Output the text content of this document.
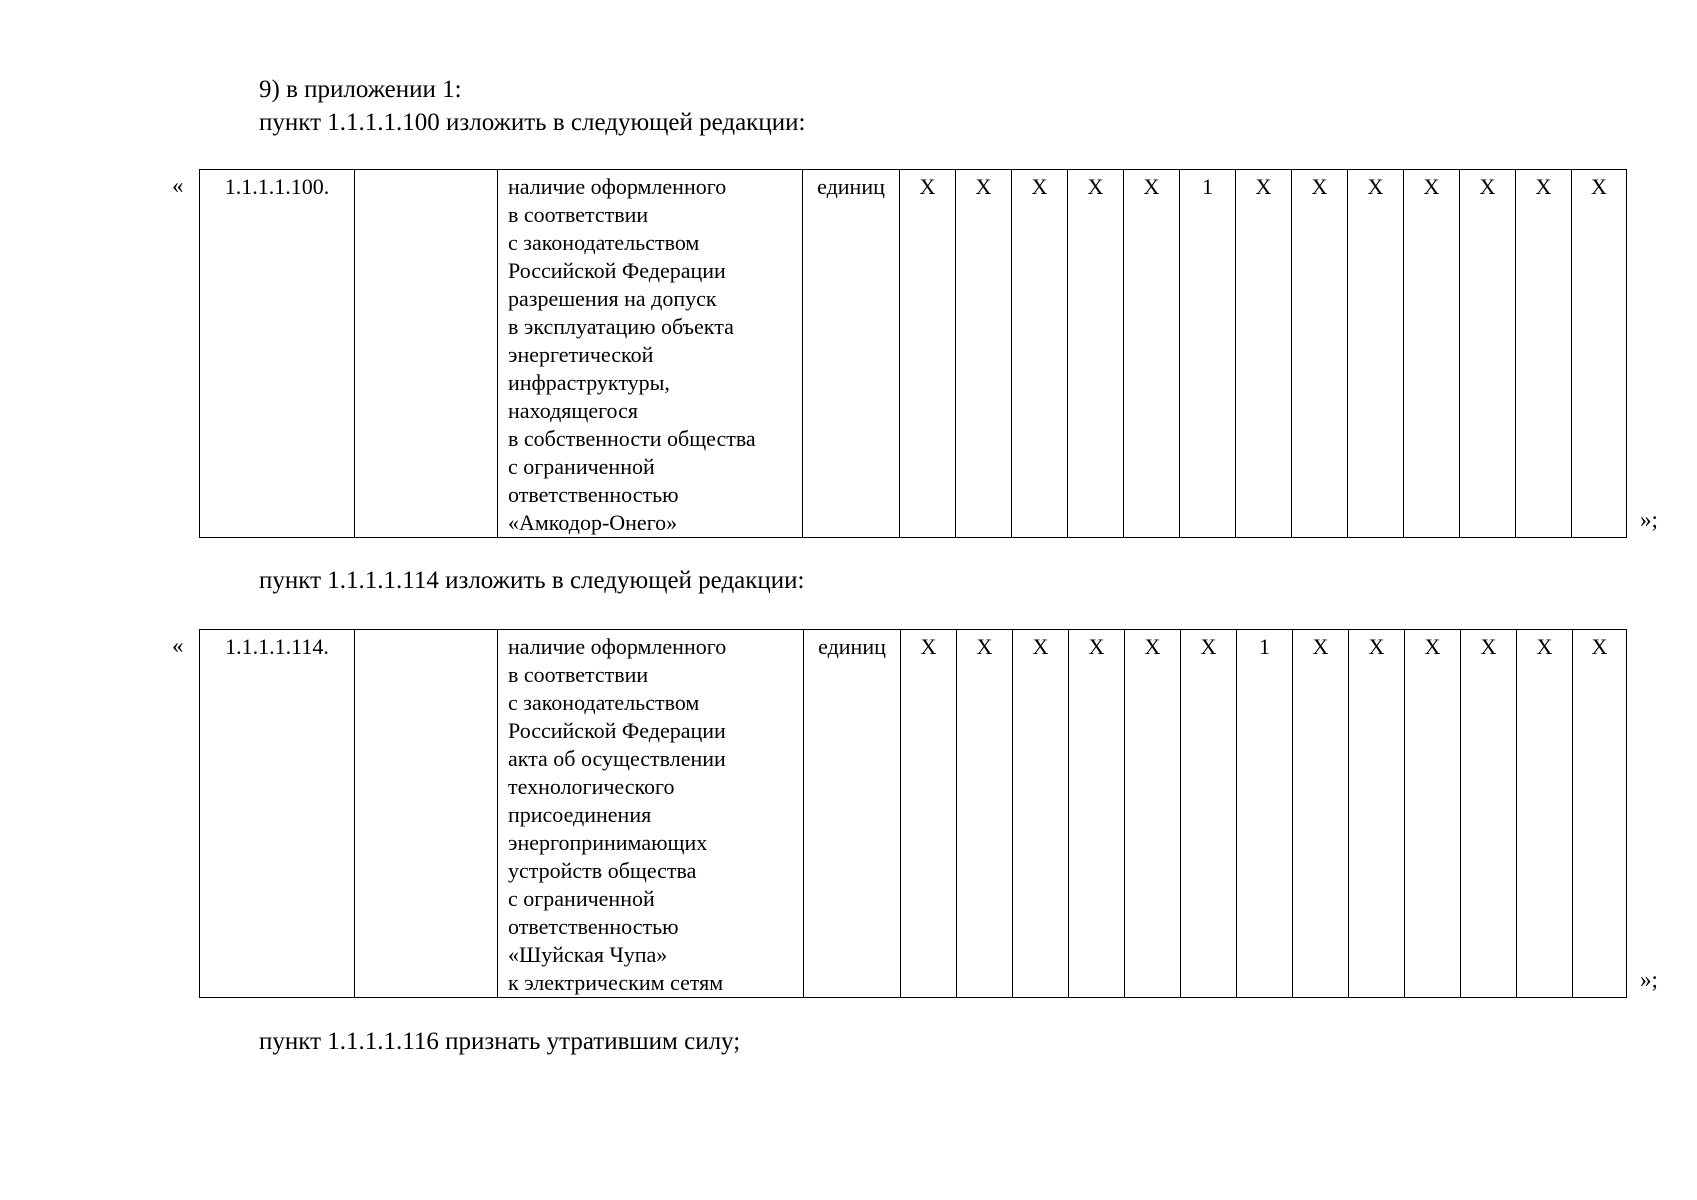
9) в приложении 1:

пункт 1.1.1.1.100 изложить в следующей редакции:

« 1.1.1.1.100.		наличие оформленного
в соответствии
с законодательством
Российской Федерации
разрешения на допуск
в эксплуатацию объекта
энергетической
инфраструктуры,
находящегося
в собственности общества
с ограниченной
ответственностью
«Амкодор-Онего»
	единиц	X	X	X	X	X	1	X	X	X	X	X	X	X
»;

пункт 1.1.1.1.114 изложить в следующей редакции:

« 1.1.1.1.114.		наличие оформленного
в соответствии
с законодательством
Российской Федерации
акта об осуществлении
технологического
присоединения
энергопринимающих
устройств общества
с ограниченной
ответственностью
«Шуйская Чупа»
к электрическим сетям
	единиц	X	X	X	X	X	X	1	X	X	X	X	X	X
»;

пункт 1.1.1.1.116 признать утратившим силу;
